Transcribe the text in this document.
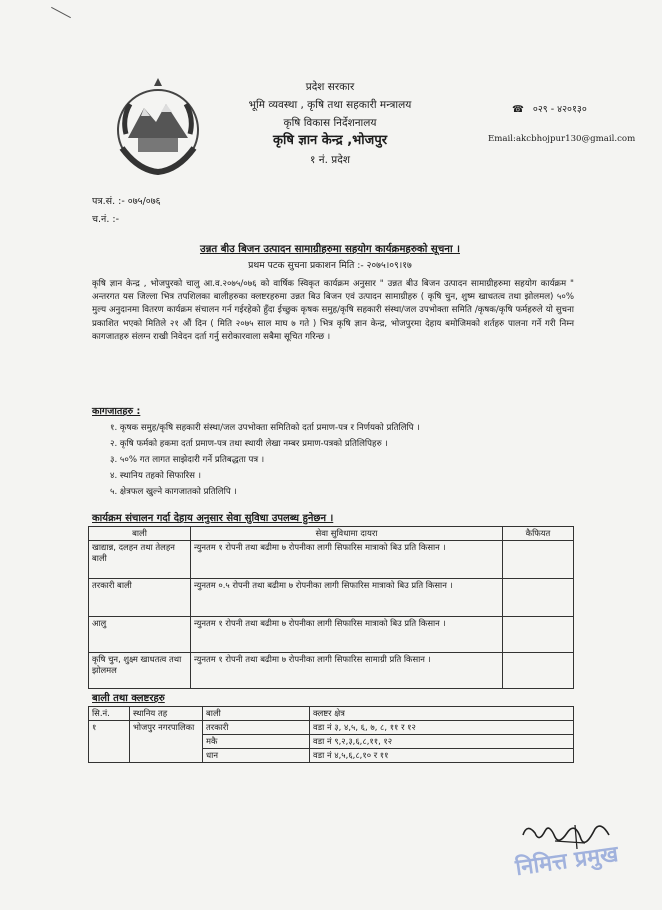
प्रदेश सरकार
भूमि व्यवस्था , कृषि तथा सहकारी मन्त्रालय
कृषि विकास निर्देशनालय
कृषि ज्ञान केन्द्र ,भोजपुर
१ नं. प्रदेश
☎ ०२९ - ४२०१३०
Email:akcbhojpur130@gmail.com
पत्र.सं. :- ०७५/०७६
च.नं. :-
उन्नत बीउ बिजन उत्पादन सामाग्रीहरुमा सहयोग कार्यक्रमहरुको सूचना ।
प्रथम पटक सुचना प्रकाशन मिति :- २०७५।०९।१७
कृषि ज्ञान केन्द्र , भोजपुरको चालु आ.व.२०७५/०७६ को वार्षिक स्विकृत कार्यक्रम अनुसार " उन्नत बीउ बिजन उत्पादन सामाग्रीहरुमा सहयोग कार्यक्रम " अन्तरगत यस जिल्ला भित्र तपशिलका बालीहरुका क्लष्टरहरुमा उन्नत बिउ बिजन एवं उत्पादन सामाग्रीहरु ( कृषि चुन, शुष्म खाधतत्व तथा झोलमल) ५०% मुल्य अनुदानमा वितरण कार्यक्रम संचालन गर्न गईरहेको हुँदा ईच्छुक कृषक समुह/कृषि सहकारी संस्था/जल उपभोक्ता समिति /कृषक/कृषि फर्महरुले यो सुचना प्रकाशित भएको मितिले २१ औं दिन ( मिति २०७५ साल माघ ७ गते ) भित्र कृषि ज्ञान केन्द्र, भोजपुरमा देहाय बमोजिमको शर्तहरु पालना गर्ने गरी निम्न कागजातहरु संलग्न राखी निवेदन दर्ता गर्नु सरोकारवाला सबैमा सूचित गरिन्छ ।
कागजातहरु :
१. कृषक समुह/कृषि सहकारी संस्था/जल उपभोक्ता समितिको दर्ता प्रमाण-पत्र र निर्णयको प्रतिलिपि ।
२. कृषि फर्मको हकमा दर्ता प्रमाण-पत्र तथा स्थायी लेखा नम्बर प्रमाण-पत्रको प्रतिलिपिहरु ।
३. ५०% गत लागत साझेदारी गर्ने प्रतिबद्धता पत्र ।
४. स्थानिय तहको सिफारिस ।
५. क्षेत्रफल खुल्ने कागजातको प्रतिलिपि ।
कार्यक्रम संचालन गर्दा देहाय अनुसार सेवा सुविधा उपलब्ध हुनेछन ।
बाली	सेवा सुविधामा दायरा	कैफियत
खाद्यान्न, दलहन तथा तेलहन बाली	न्युनतम १ रोपनी तथा बढीमा ७ रोपनीका लागी सिफारिस मात्राको बिउ प्रति किसान ।	
तरकारी बाली	न्युनतम ०.५ रोपनी तथा बढीमा ७ रोपनीका लागी सिफारिस मात्राको बिउ प्रति किसान ।	
आलु	न्युनतम १ रोपनी तथा बढीमा ७ रोपनीका लागी सिफारिस मात्राको बिउ प्रति किसान ।	
कृषि चुन, शुक्ष्म खाधतत्व तथा झोलमल	न्युनतम १ रोपनी तथा बढीमा ७ रोपनीका लागी सिफारिस सामाग्री प्रति किसान ।	
बाली तथा क्लष्टरहरु
सि.नं.	स्थानिय तह	बाली	क्लष्टर क्षेत्र
१	भोजपुर नगरपालिका	तरकारी	वडा नं ३, ४,५, ६, ७, ८, ११ र १२
		मकै	वडा नं ९,२,३,६,८,११, १२
		धान	वडा नं ४,५,६,८,१० र ११
निमित्त प्रमुख
